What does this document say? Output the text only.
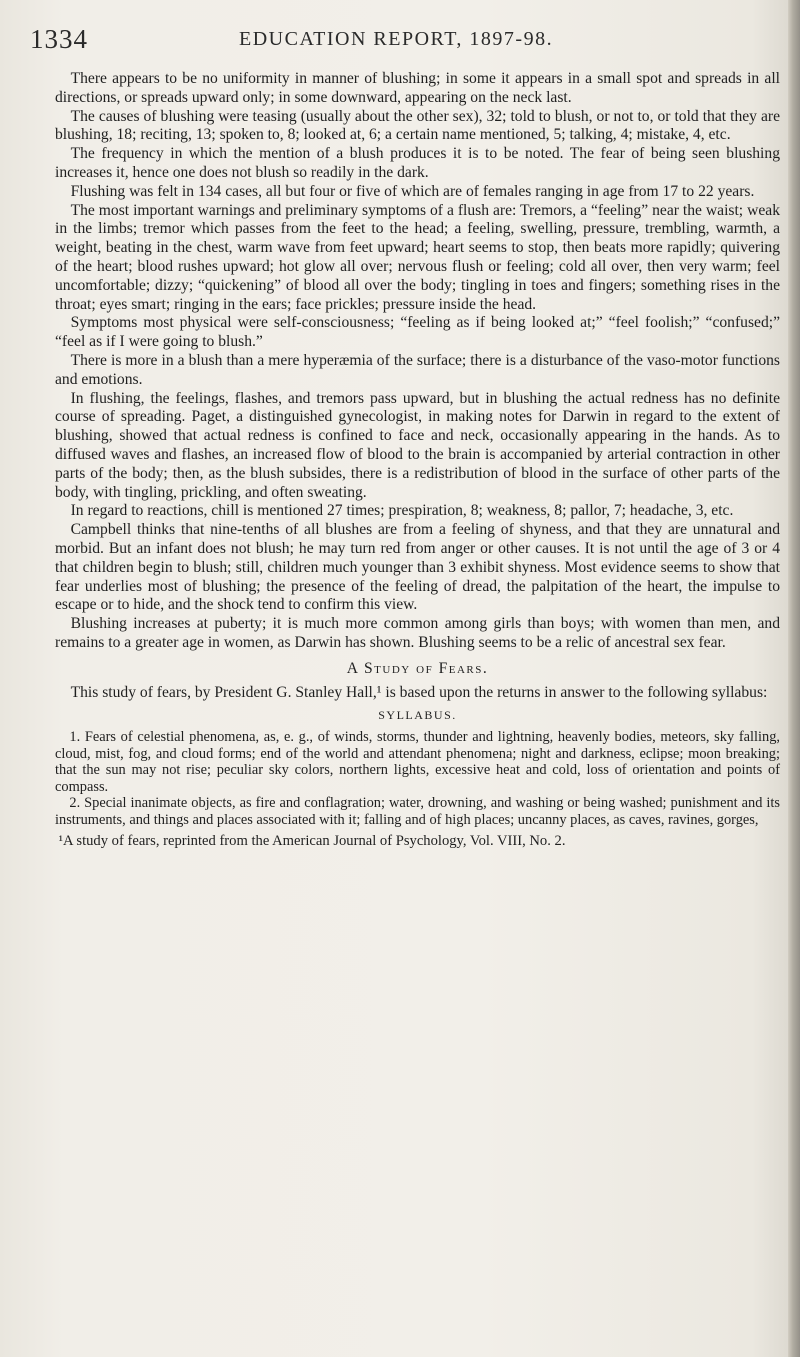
1334	EDUCATION REPORT, 1897-98.

There appears to be no uniformity in manner of blushing; in some it appears in a small spot and spreads in all directions, or spreads upward only; in some downward, appearing on the neck last.

The causes of blushing were teasing (usually about the other sex), 32; told to blush, or not to, or told that they are blushing, 18; reciting, 13; spoken to, 8; looked at, 6; a certain name mentioned, 5; talking, 4; mistake, 4, etc.

The frequency in which the mention of a blush produces it is to be noted. The fear of being seen blushing increases it, hence one does not blush so readily in the dark.

Flushing was felt in 134 cases, all but four or five of which are of females ranging in age from 17 to 22 years.

The most important warnings and preliminary symptoms of a flush are: Tremors, a “feeling” near the waist; weak in the limbs; tremor which passes from the feet to the head; a feeling, swelling, pressure, trembling, warmth, a weight, beating in the chest, warm wave from feet upward; heart seems to stop, then beats more rapidly; quivering of the heart; blood rushes upward; hot glow all over; nervous flush or feeling; cold all over, then very warm; feel uncomfortable; dizzy; “quickening” of blood all over the body; tingling in toes and fingers; something rises in the throat; eyes smart; ringing in the ears; face prickles; pressure inside the head.

Symptoms most physical were self-consciousness; “feeling as if being looked at;” “feel foolish;” “confused;” “feel as if I were going to blush.”

There is more in a blush than a mere hyperæmia of the surface; there is a disturbance of the vaso-motor functions and emotions.

In flushing, the feelings, flashes, and tremors pass upward, but in blushing the actual redness has no definite course of spreading. Paget, a distinguished gynecologist, in making notes for Darwin in regard to the extent of blushing, showed that actual redness is confined to face and neck, occasionally appearing in the hands. As to diffused waves and flashes, an increased flow of blood to the brain is accompanied by arterial contraction in other parts of the body; then, as the blush subsides, there is a redistribution of blood in the surface of other parts of the body, with tingling, prickling, and often sweating.

In regard to reactions, chill is mentioned 27 times; prespiration, 8; weakness, 8; pallor, 7; headache, 3, etc.

Campbell thinks that nine-tenths of all blushes are from a feeling of shyness, and that they are unnatural and morbid. But an infant does not blush; he may turn red from anger or other causes. It is not until the age of 3 or 4 that children begin to blush; still, children much younger than 3 exhibit shyness. Most evidence seems to show that fear underlies most of blushing; the presence of the feeling of dread, the palpitation of the heart, the impulse to escape or to hide, and the shock tend to confirm this view.

Blushing increases at puberty; it is much more common among girls than boys; with women than men, and remains to a greater age in women, as Darwin has shown. Blushing seems to be a relic of ancestral sex fear.

A Study of Fears.

This study of fears, by President G. Stanley Hall,¹ is based upon the returns in answer to the following syllabus:

SYLLABUS.

1. Fears of celestial phenomena, as, e. g., of winds, storms, thunder and lightning, heavenly bodies, meteors, sky falling, cloud, mist, fog, and cloud forms; end of the world and attendant phenomena; night and darkness, eclipse; moon breaking; that the sun may not rise; peculiar sky colors, northern lights, excessive heat and cold, loss of orientation and points of compass.

2. Special inanimate objects, as fire and conflagration; water, drowning, and washing or being washed; punishment and its instruments, and things and places associated with it; falling and of high places; uncanny places, as caves, ravines, gorges,

¹A study of fears, reprinted from the American Journal of Psychology, Vol. VIII, No. 2.
